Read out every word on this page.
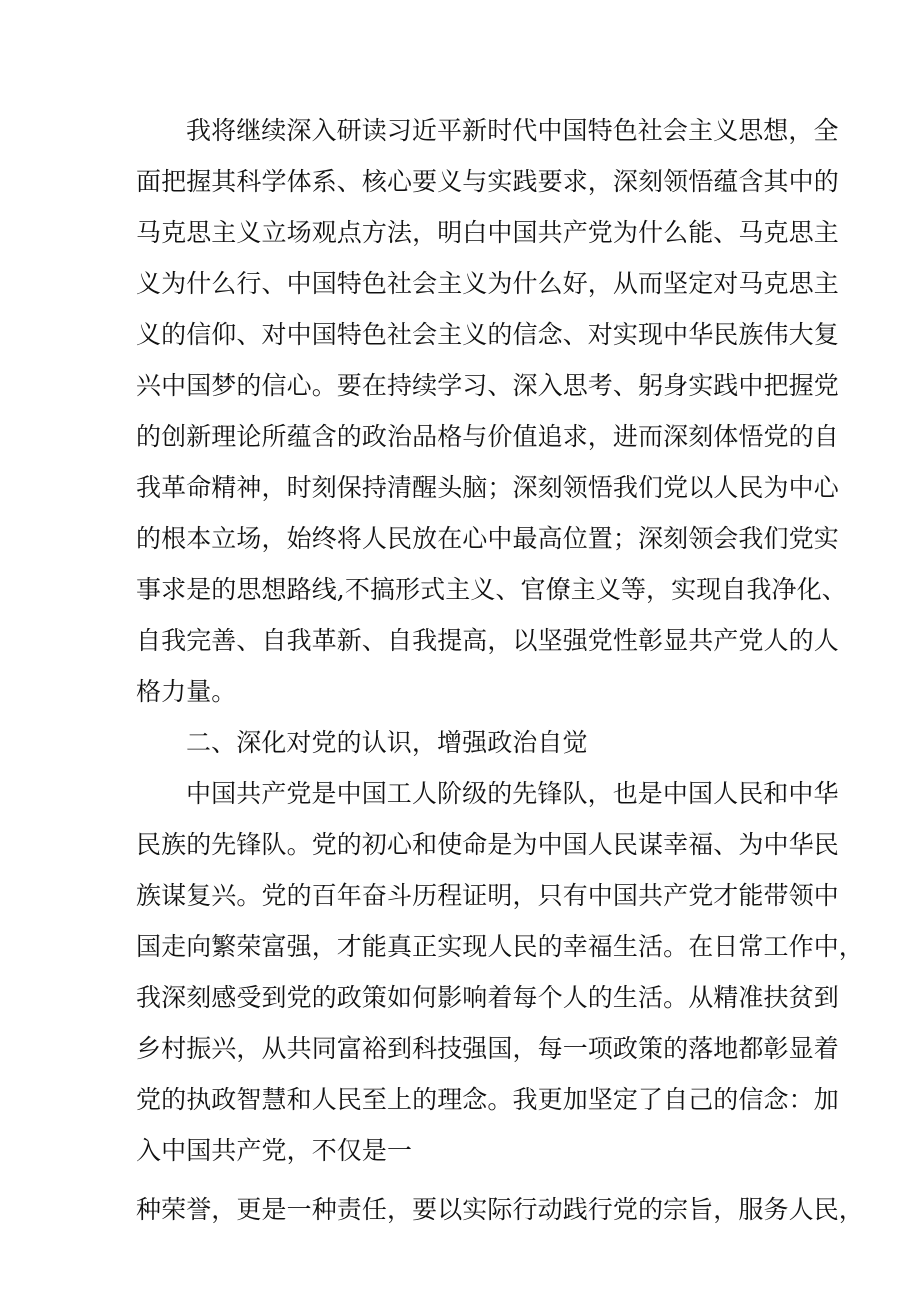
我将继续深入研读习近平新时代中国特色社会主义思想，全
面把握其科学体系、核心要义与实践要求，深刻领悟蕴含其中的
马克思主义立场观点方法，明白中国共产党为什么能、马克思主
义为什么行、中国特色社会主义为什么好，从而坚定对马克思主
义的信仰、对中国特色社会主义的信念、对实现中华民族伟大复
兴中国梦的信心。要在持续学习、深入思考、躬身实践中把握党
的创新理论所蕴含的政治品格与价值追求，进而深刻体悟党的自
我革命精神，时刻保持清醒头脑；深刻领悟我们党以人民为中心
的根本立场，始终将人民放在心中最高位置；深刻领会我们党实
事求是的思想路线,不搞形式主义、官僚主义等，实现自我净化、
自我完善、自我革新、自我提高，以坚强党性彰显共产党人的人
格力量。
二、深化对党的认识，增强政治自觉
中国共产党是中国工人阶级的先锋队，也是中国人民和中华
民族的先锋队。党的初心和使命是为中国人民谋幸福、为中华民
族谋复兴。党的百年奋斗历程证明，只有中国共产党才能带领中
国走向繁荣富强，才能真正实现人民的幸福生活。在日常工作中，
我深刻感受到党的政策如何影响着每个人的生活。从精准扶贫到
乡村振兴，从共同富裕到科技强国，每一项政策的落地都彰显着
党的执政智慧和人民至上的理念。我更加坚定了自己的信念：加
入中国共产党，不仅是一
种荣誉，更是一种责任，要以实际行动践行党的宗旨，服务人民，
